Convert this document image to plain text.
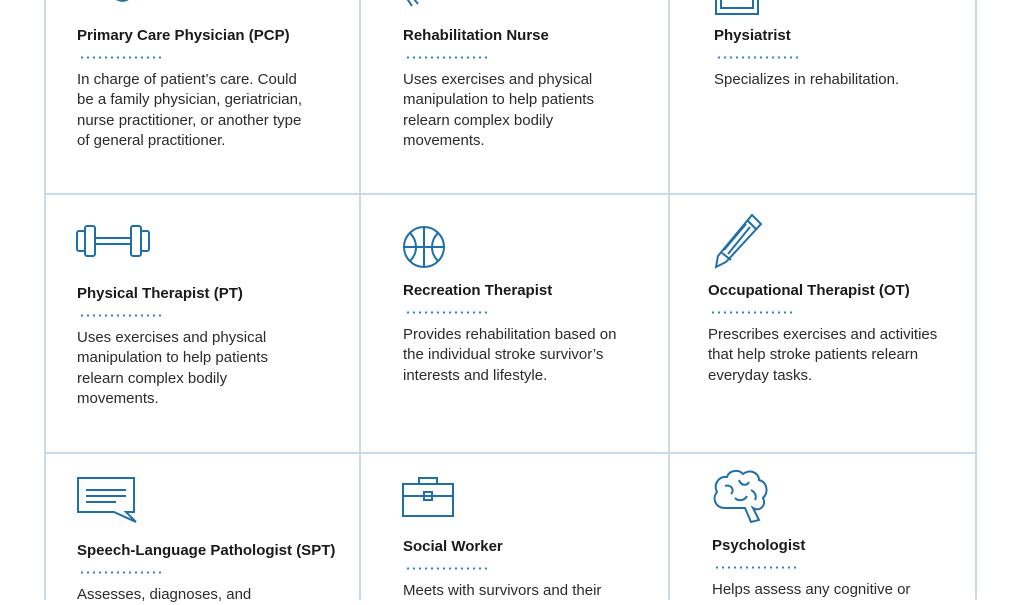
Primary Care Physician (PCP)
In charge of patient’s care. Could be a family physician, geriatrician, nurse practitioner, or another type of general practitioner.
Rehabilitation Nurse
Uses exercises and physical manipulation to help patients relearn complex bodily movements.
Physiatrist
Specializes in rehabilitation.
Physical Therapist (PT)
Uses exercises and physical manipulation to help patients relearn complex bodily movements.
Recreation Therapist
Provides rehabilitation based on the individual stroke survivor’s interests and lifestyle.
Occupational Therapist (OT)
Prescribes exercises and activities that help stroke patients relearn everyday tasks.
Speech-Language Pathologist (SPT)
Assesses, diagnoses, and
Social Worker
Meets with survivors and their
Psychologist
Helps assess any cognitive or
